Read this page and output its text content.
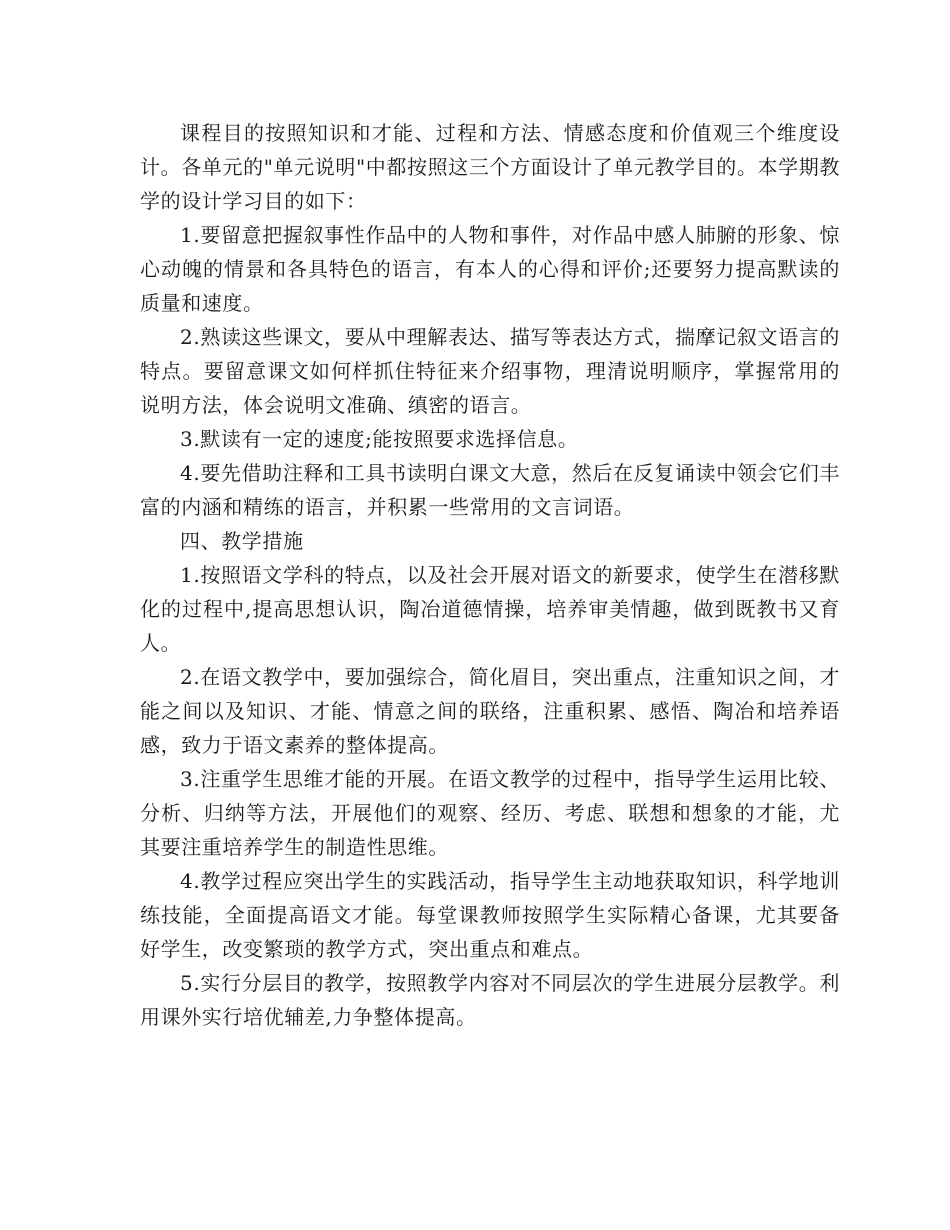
课程目的按照知识和才能、过程和方法、情感态度和价值观三个维度设计。各单元的"单元说明"中都按照这三个方面设计了单元教学目的。本学期教学的设计学习目的如下：

1.要留意把握叙事性作品中的人物和事件，对作品中感人肺腑的形象、惊心动魄的情景和各具特色的语言，有本人的心得和评价;还要努力提高默读的质量和速度。

2.熟读这些课文，要从中理解表达、描写等表达方式，揣摩记叙文语言的特点。要留意课文如何样抓住特征来介绍事物，理清说明顺序，掌握常用的说明方法，体会说明文准确、缜密的语言。

3.默读有一定的速度;能按照要求选择信息。

4.要先借助注释和工具书读明白课文大意，然后在反复诵读中领会它们丰富的内涵和精练的语言，并积累一些常用的文言词语。

四、教学措施

1.按照语文学科的特点，以及社会开展对语文的新要求，使学生在潜移默化的过程中,提高思想认识，陶冶道德情操，培养审美情趣，做到既教书又育人。

2.在语文教学中，要加强综合，简化眉目，突出重点，注重知识之间，才能之间以及知识、才能、情意之间的联络，注重积累、感悟、陶冶和培养语感，致力于语文素养的整体提高。

3.注重学生思维才能的开展。在语文教学的过程中，指导学生运用比较、分析、归纳等方法，开展他们的观察、经历、考虑、联想和想象的才能，尤其要注重培养学生的制造性思维。

4.教学过程应突出学生的实践活动，指导学生主动地获取知识，科学地训练技能，全面提高语文才能。每堂课教师按照学生实际精心备课，尤其要备好学生，改变繁琐的教学方式，突出重点和难点。

5.实行分层目的教学，按照教学内容对不同层次的学生进展分层教学。利用课外实行培优辅差,力争整体提高。
